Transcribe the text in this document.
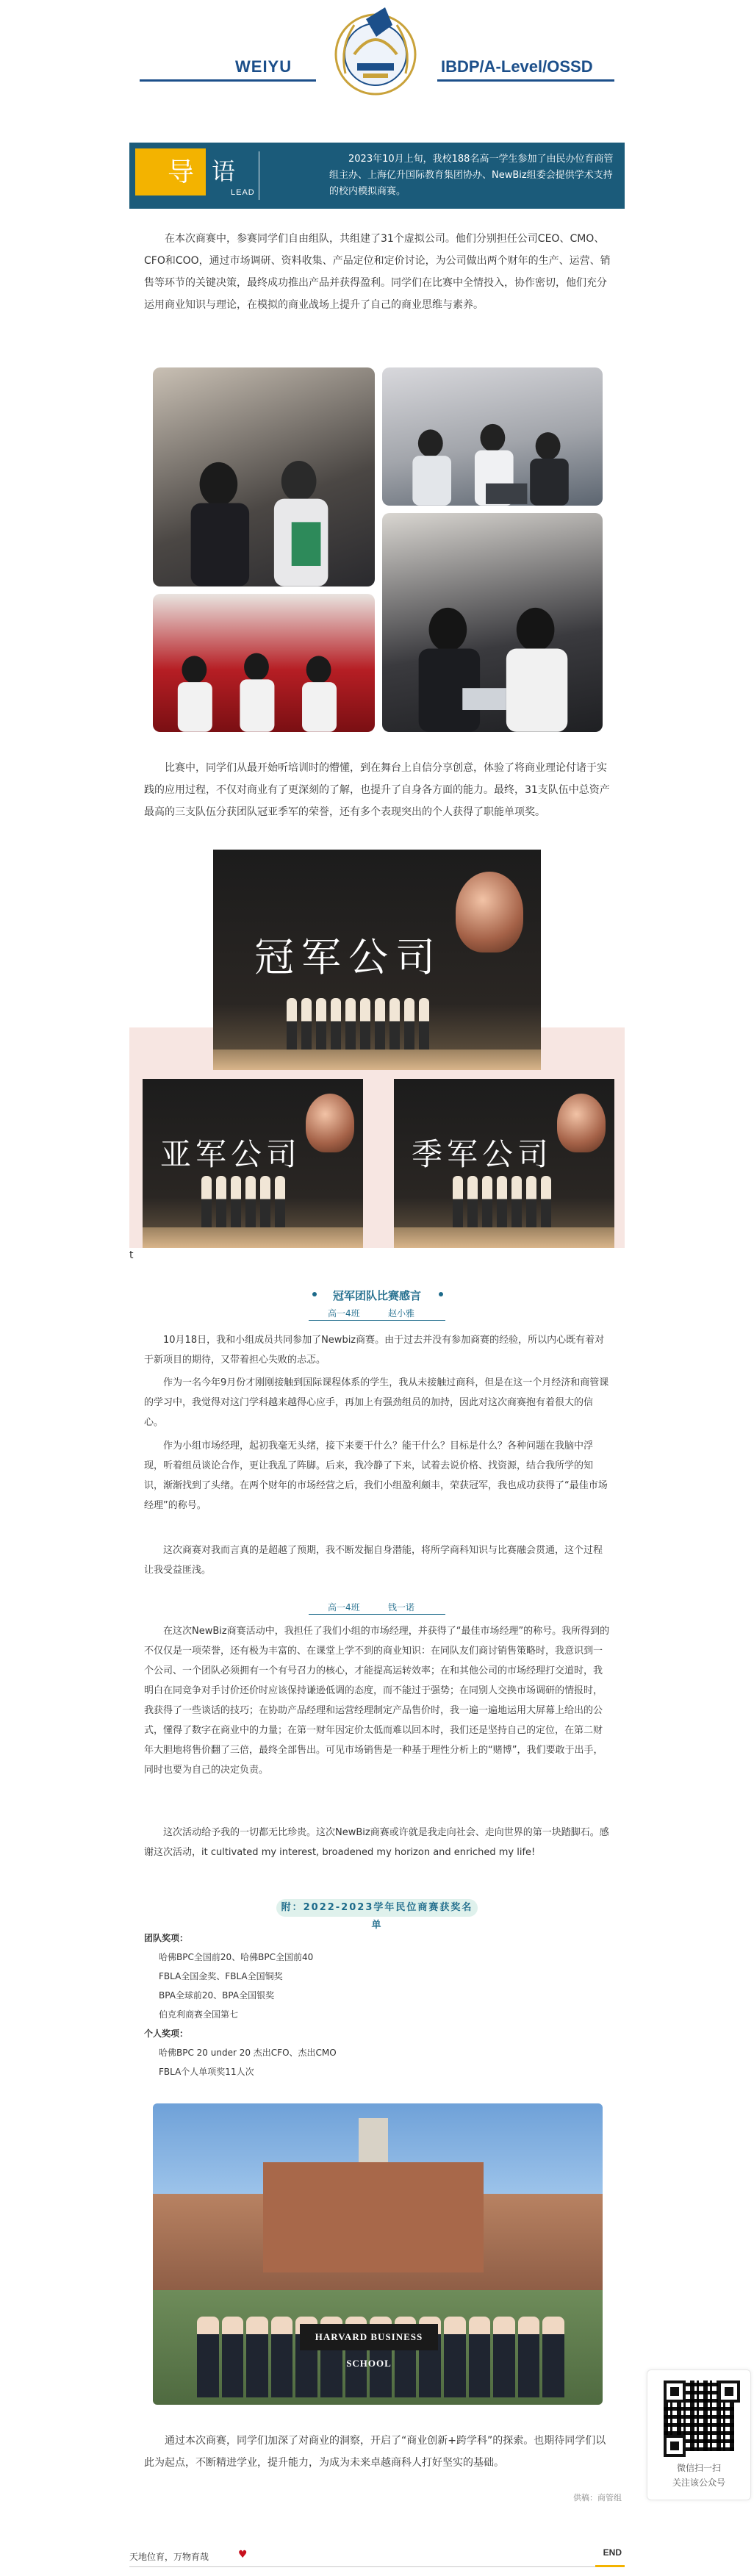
WEIYU	IBDP/A-Level/OSSD
导 语
LEAD
2023年10月上旬，我校188名高一学生参加了由民办位育商管组主办、上海亿升国际教育集团协办、NewBiz组委会提供学术支持的校内模拟商赛。
在本次商赛中，参赛同学们自由组队，共组建了31个虚拟公司。他们分别担任公司CEO、CMO、CFO和COO，通过市场调研、资料收集、产品定位和定价讨论，为公司做出两个财年的生产、运营、销售等环节的关键决策，最终成功推出产品并获得盈利。同学们在比赛中全情投入，协作密切，他们充分运用商业知识与理论，在模拟的商业战场上提升了自己的商业思维与素养。
比赛中，同学们从最开始听培训时的懵懂，到在舞台上自信分享创意，体验了将商业理论付诸于实践的应用过程，不仅对商业有了更深刻的了解，也提升了自身各方面的能力。最终，31支队伍中总资产最高的三支队伍分获团队冠亚季军的荣誉，还有多个表现突出的个人获得了职能单项奖。
冠军公司
亚军公司	季军公司
t
冠军团队比赛感言
高一4班	赵小雅
10月18日，我和小组成员共同参加了Newbiz商赛。由于过去并没有参加商赛的经验，所以内心既有着对于新项目的期待，又带着担心失败的忐忑。
作为一名今年9月份才刚刚接触到国际课程体系的学生，我从未接触过商科，但是在这一个月经济和商管课的学习中，我觉得对这门学科越来越得心应手，再加上有强劲组员的加持，因此对这次商赛抱有着很大的信心。
作为小组市场经理，起初我毫无头绪，接下来要干什么？能干什么？目标是什么？各种问题在我脑中浮现，听着组员谈论合作，更让我乱了阵脚。后来，我冷静了下来，试着去说价格、找资源，结合我所学的知识，渐渐找到了头绪。在两个财年的市场经营之后，我们小组盈利颇丰，荣获冠军，我也成功获得了“最佳市场经理”的称号。
这次商赛对我而言真的是超越了预期，我不断发掘自身潜能，将所学商科知识与比赛融会贯通，这个过程让我受益匪浅。
高一4班	钱一诺
在这次NewBiz商赛活动中，我担任了我们小组的市场经理，并获得了“最佳市场经理”的称号。我所得到的不仅仅是一项荣誉，还有极为丰富的、在课堂上学不到的商业知识：在同队友们商讨销售策略时，我意识到一个公司、一个团队必须拥有一个有号召力的核心，才能提高运转效率；在和其他公司的市场经理打交道时，我明白在同竞争对手讨价还价时应该保持谦逊低调的态度，而不能过于强势；在同别人交换市场调研的情报时，我获得了一些谈话的技巧；在协助产品经理和运营经理制定产品售价时，我一遍一遍地运用大屏幕上给出的公式，懂得了数字在商业中的力量；在第一财年因定价太低而难以回本时，我们还是坚持自己的定位，在第二财年大胆地将售价翻了三倍，最终全部售出。可见市场销售是一种基于理性分析上的“赌博”，我们要敢于出手，同时也要为自己的决定负责。
这次活动给予我的一切都无比珍贵。这次NewBiz商赛或许就是我走向社会、走向世界的第一块踏脚石。感谢这次活动，it cultivated my interest, broadened my horizon and enriched my life!
附：2022-2023学年民位商赛获奖名单
团队奖项：
哈佛BPC全国前20、哈佛BPC全国前40
FBLA全国金奖、FBLA全国铜奖
BPA全球前20、BPA全国银奖
伯克利商赛全国第七
个人奖项：
哈佛BPC 20 under 20 杰出CFO、杰出CMO
FBLA个人单项奖11人次
HARVARD BUSINESS SCHOOL
通过本次商赛，同学们加深了对商业的洞察，开启了“商业创新+跨学科”的探索。也期待同学们以此为起点，不断精进学业，提升能力，为成为未来卓越商科人打好坚实的基础。
供稿：商管组
微信扫一扫
关注该公众号
天地位育，万物育哉	♥	END
